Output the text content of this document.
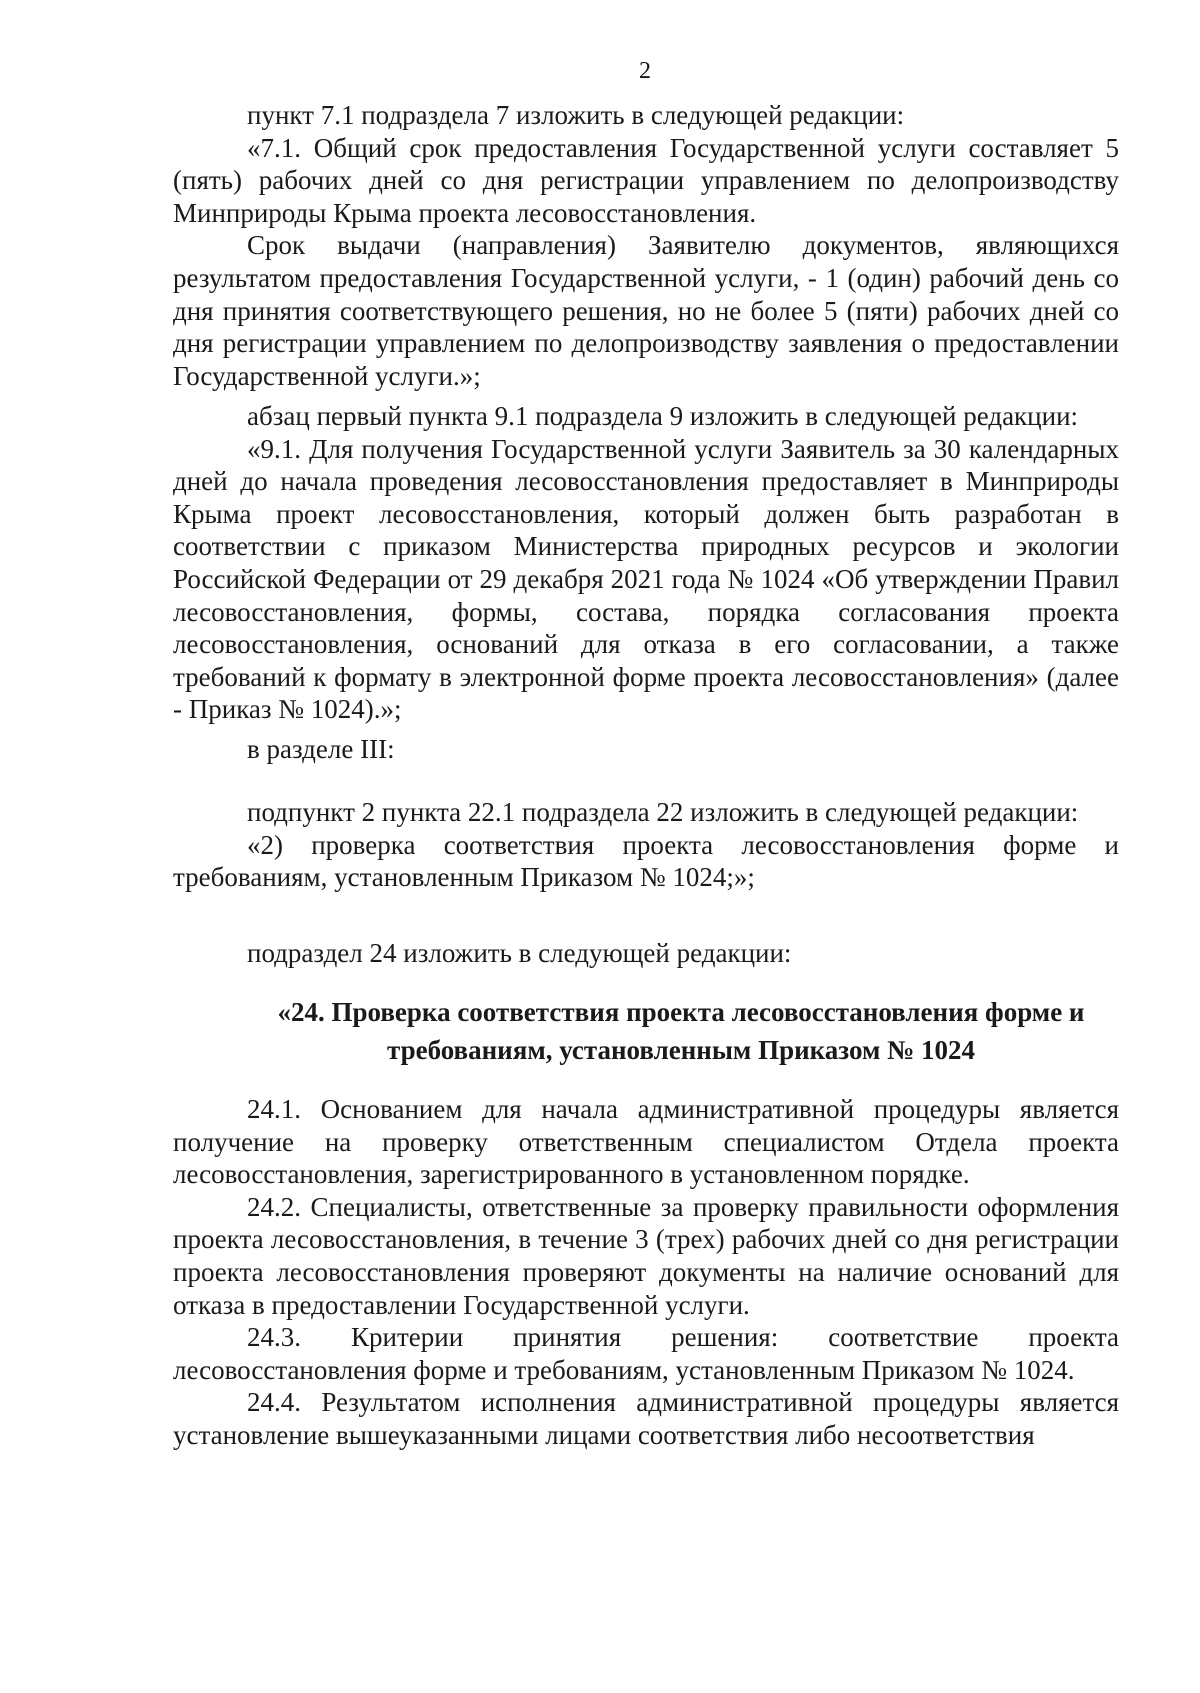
2

пункт 7.1 подраздела 7 изложить в следующей редакции:

«7.1. Общий срок предоставления Государственной услуги составляет 5 (пять) рабочих дней со дня регистрации управлением по делопроизводству Минприроды Крыма проекта лесовосстановления.

Срок выдачи (направления) Заявителю документов, являющихся результатом предоставления Государственной услуги, - 1 (один) рабочий день со дня принятия соответствующего решения, но не более 5 (пяти) рабочих дней со дня регистрации управлением по делопроизводству заявления о предоставлении Государственной услуги.»;

абзац первый пункта 9.1 подраздела 9 изложить в следующей редакции:

«9.1. Для получения Государственной услуги Заявитель за 30 календарных дней до начала проведения лесовосстановления предоставляет в Минприроды Крыма проект лесовосстановления, который должен быть разработан в соответствии с приказом Министерства природных ресурсов и экологии Российской Федерации от 29 декабря 2021 года № 1024 «Об утверждении Правил лесовосстановления, формы, состава, порядка согласования проекта лесовосстановления, оснований для отказа в его согласовании, а также требований к формату в электронной форме проекта лесовосстановления» (далее - Приказ № 1024).»;

в разделе III:

подпункт 2 пункта 22.1 подраздела 22 изложить в следующей редакции:

«2) проверка соответствия проекта лесовосстановления форме и требованиям, установленным Приказом № 1024;»;

подраздел 24 изложить в следующей редакции:

«24. Проверка соответствия проекта лесовосстановления форме и
требованиям, установленным Приказом № 1024

24.1. Основанием для начала административной процедуры является получение на проверку ответственным специалистом Отдела проекта лесовосстановления, зарегистрированного в установленном порядке.

24.2. Специалисты, ответственные за проверку правильности оформления проекта лесовосстановления, в течение 3 (трех) рабочих дней со дня регистрации проекта лесовосстановления проверяют документы на наличие оснований для отказа в предоставлении Государственной услуги.

24.3. Критерии принятия решения: соответствие проекта лесовосстановления форме и требованиям, установленным Приказом № 1024.

24.4. Результатом исполнения административной процедуры является установление вышеуказанными лицами соответствия либо несоответствия
